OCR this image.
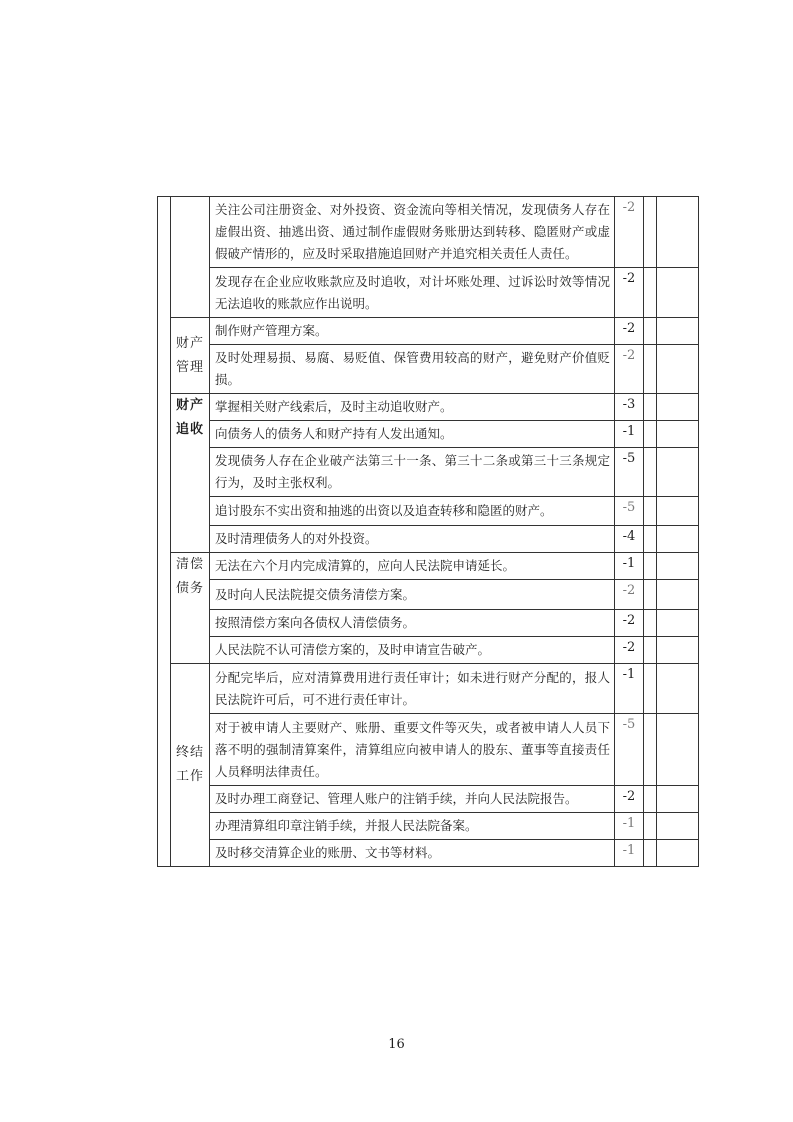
		关注公司注册资金、对外投资、资金流向等相关情况，发现债务人存在虚假出资、抽逃出资、通过制作虚假财务账册达到转移、隐匿财产或虚假破产情形的，应及时采取措施追回财产并追究相关责任人责任。	-2		
		发现存在企业应收账款应及时追收，对计坏账处理、过诉讼时效等情况无法追收的账款应作出说明。	-2		
	财产管理	制作财产管理方案。	-2		
		及时处理易损、易腐、易贬值、保管费用较高的财产，避免财产价值贬损。	-2		
	财产追收	掌握相关财产线索后，及时主动追收财产。	-3		
		向债务人的债务人和财产持有人发出通知。	-1		
		发现债务人存在企业破产法第三十一条、第三十二条或第三十三条规定行为，及时主张权利。	-5		
		追讨股东不实出资和抽逃的出资以及追查转移和隐匿的财产。	-5		
		及时清理债务人的对外投资。	-4		
	清偿债务	无法在六个月内完成清算的，应向人民法院申请延长。	-1		
		及时向人民法院提交债务清偿方案。	-2		
		按照清偿方案向各债权人清偿债务。	-2		
		人民法院不认可清偿方案的，及时申请宣告破产。	-2		
	终结工作	分配完毕后，应对清算费用进行责任审计；如未进行财产分配的，报人民法院许可后，可不进行责任审计。	-1		
		对于被申请人主要财产、账册、重要文件等灭失，或者被申请人人员下落不明的强制清算案件，清算组应向被申请人的股东、董事等直接责任人员释明法律责任。	-5		
		及时办理工商登记、管理人账户的注销手续，并向人民法院报告。	-2		
		办理清算组印章注销手续，并报人民法院备案。	-1		
		及时移交清算企业的账册、文书等材料。	-1		
16
